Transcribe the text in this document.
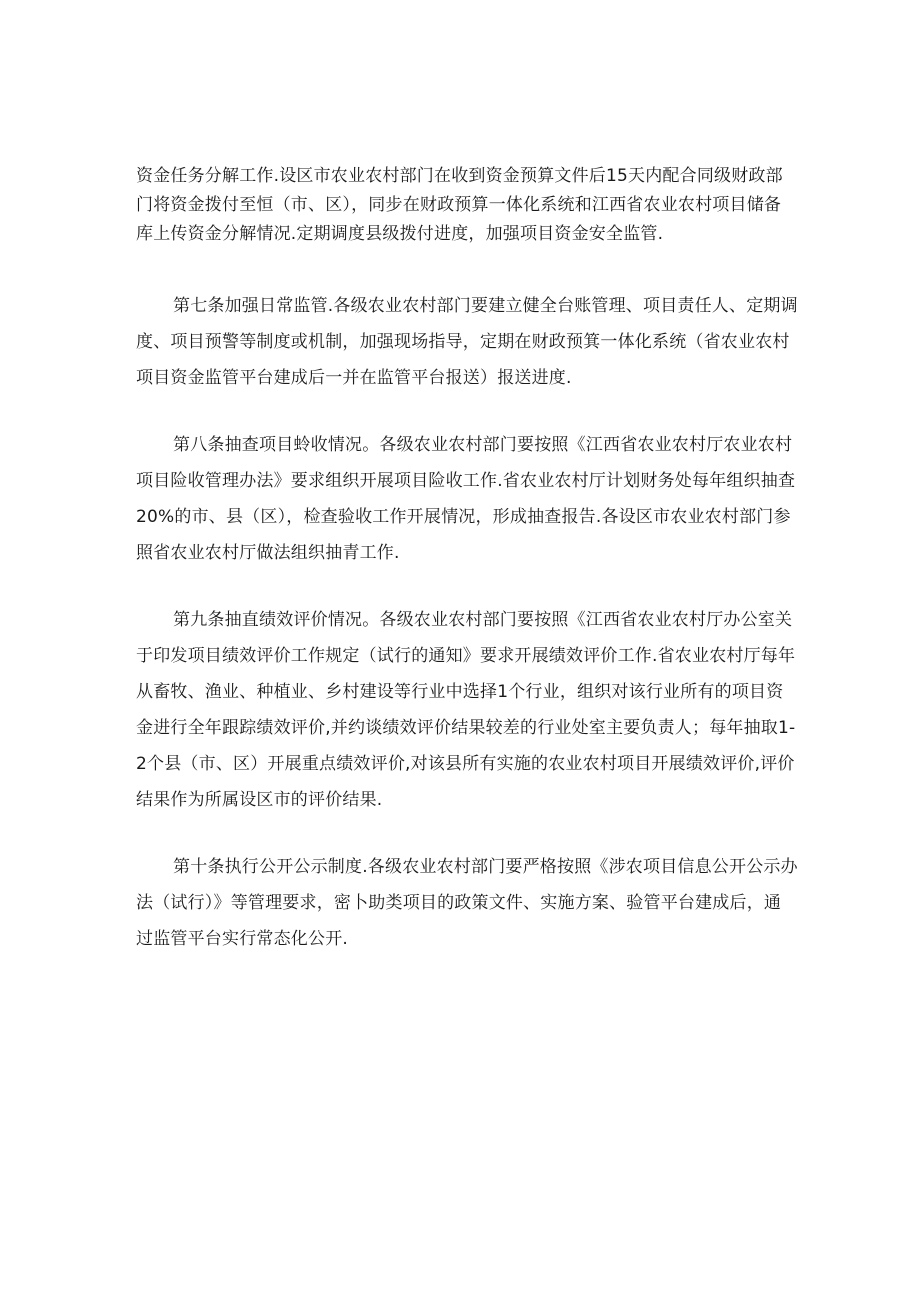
资金任务分解工作.设区市农业农村部门在收到资金预算文件后15天内配合同级财政部
门将资金拨付至恒（市、区），同步在财政预算一体化系统和江西省农业农村项目储备
库上传资金分解情况.定期调度县级拨付进度，加强项目资金安全监管.

第七条加强日常监管.各级农业农村部门要建立健全台账管理、项目责任人、定期调
度、项目预警等制度或机制，加强现场指导，定期在财政预箕一体化系统（省农业农村
项目资金监管平台建成后一并在监管平台报送）报送进度.

第八条抽查项目蛉收情况。各级农业农村部门要按照《江西省农业农村厅农业农村
项目险收管理办法》要求组织开展项目险收工作.省农业农村厅计划财务处每年组织抽查
20%的市、县（区），检查验收工作开展情况，形成抽查报告.各设区市农业农村部门参
照省农业农村厅做法组织抽青工作.

第九条抽直绩效评价情况。各级农业农村部门要按照《江西省农业农村厅办公室关
于印发项目绩效评价工作规定（试行的通知》要求开展绩效评价工作.省农业农村厅每年
从畜牧、渔业、种植业、乡村建设等行业中选择1个行业，组织对该行业所有的项目资
金进行全年跟踪绩效评价,并约谈绩效评价结果较差的行业处室主要负责人；每年抽取1-
2个县（市、区）开展重点绩效评价,对该县所有实施的农业农村项目开展绩效评价,评价
结果作为所属设区市的评价结果.

第十条执行公开公示制度.各级农业农村部门要严格按照《涉农项目信息公开公示办
法（试行）》等管理要求，密卜助类项目的政策文件、实施方案、验管平台建成后，通
过监管平台实行常态化公开.
